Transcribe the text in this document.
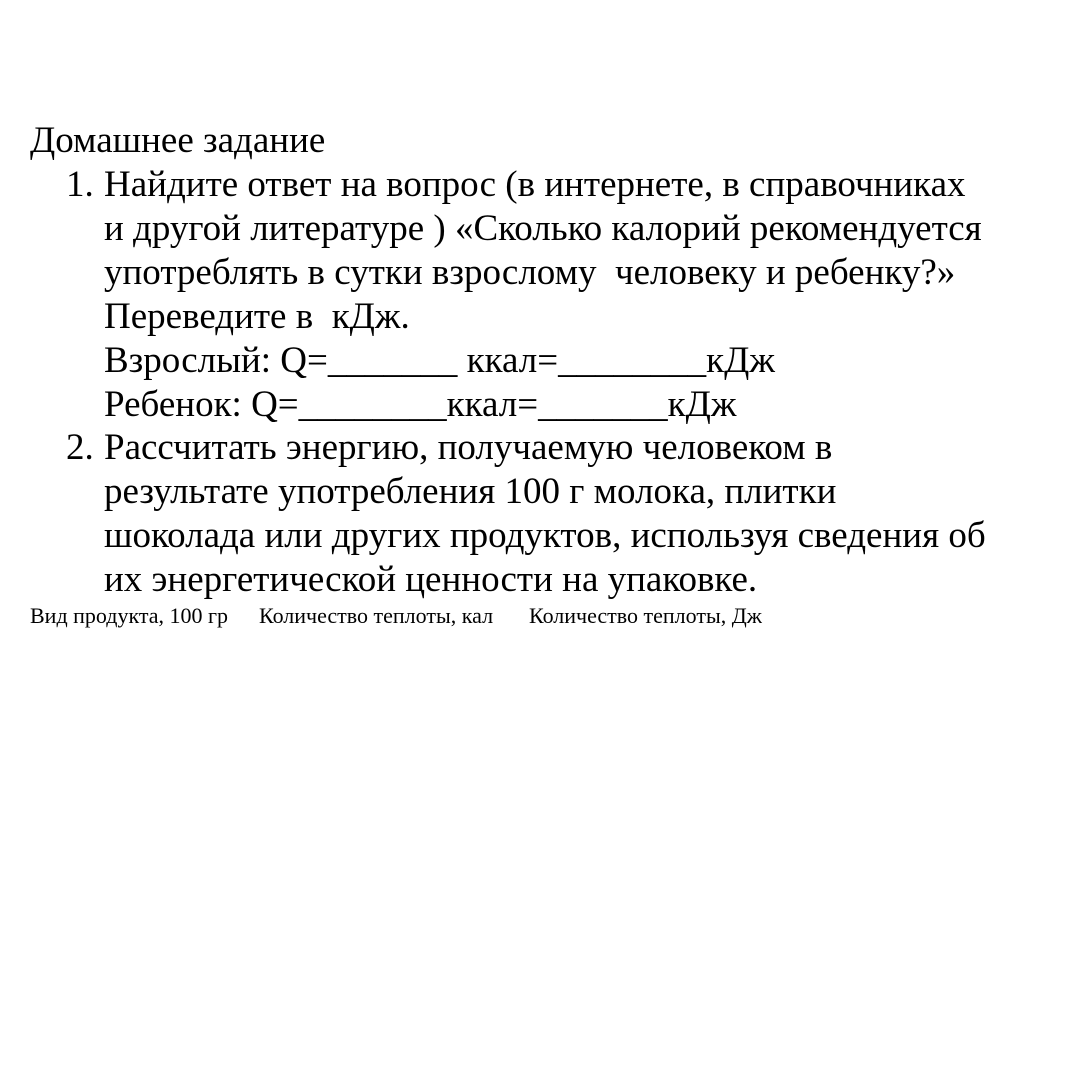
Домашнее задание
1. Найдите ответ на вопрос (в интернете, в справочниках
и другой литературе ) «Сколько калорий рекомендуется
употреблять в сутки взрослому  человеку и ребенку?»
Переведите в  кДж.
Взрослый: Q=_______ ккал=________кДж
Ребенок: Q=________ккал=_______кДж
2. Рассчитать энергию, получаемую человеком в
результате употребления 100 г молока, плитки
шоколада или других продуктов, используя сведения об
их энергетической ценности на упаковке.
Вид продукта, 100 гр Количество теплоты, кал Количество теплоты, Дж
